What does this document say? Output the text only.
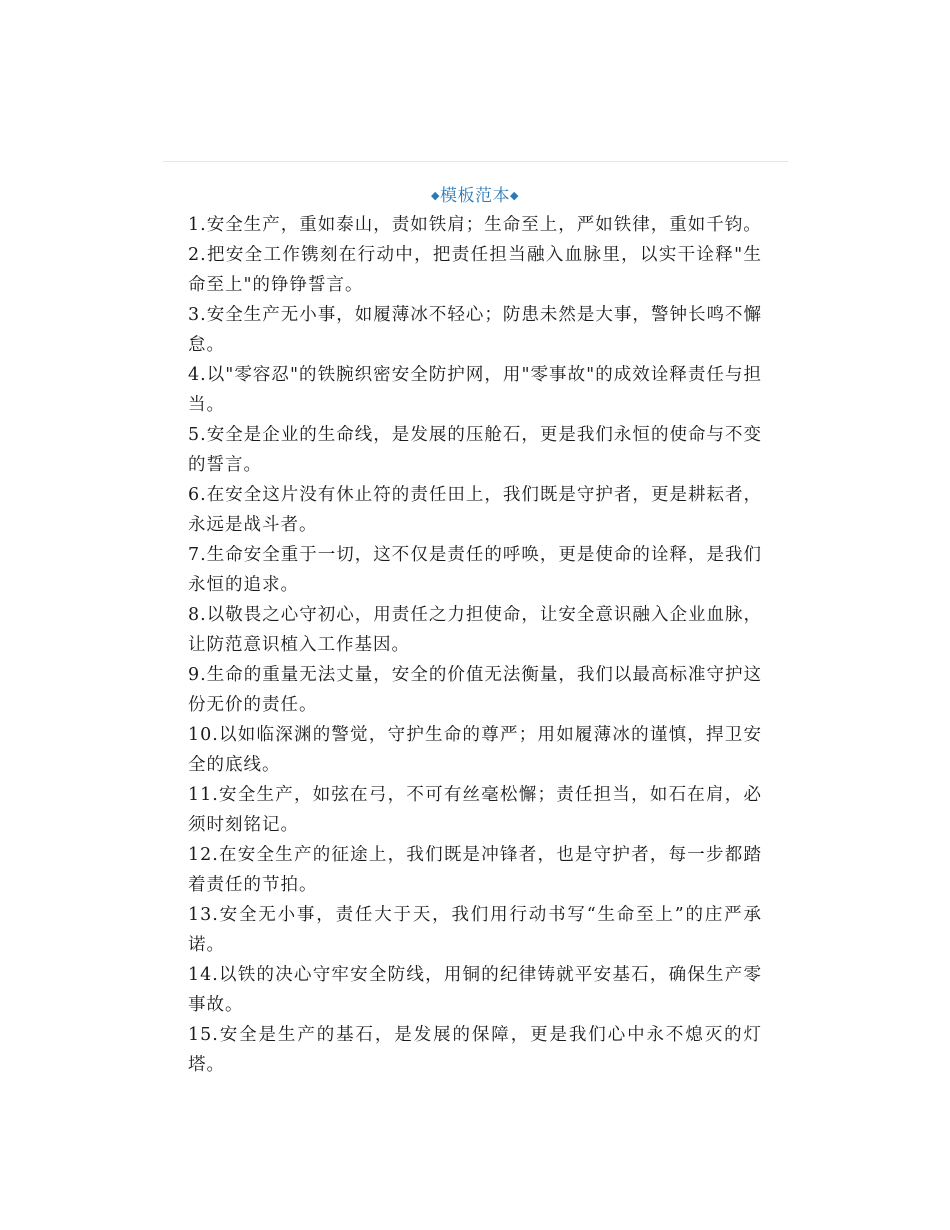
◆模板范本◆

1.安全生产，重如泰山，责如铁肩；生命至上，严如铁律，重如千钧。

2.把安全工作镌刻在行动中，把责任担当融入血脉里，以实干诠释"生命至上"的铮铮誓言。

3.安全生产无小事，如履薄冰不轻心；防患未然是大事，警钟长鸣不懈怠。

4.以"零容忍"的铁腕织密安全防护网，用"零事故"的成效诠释责任与担当。

5.安全是企业的生命线，是发展的压舱石，更是我们永恒的使命与不变的誓言。

6.在安全这片没有休止符的责任田上，我们既是守护者，更是耕耘者，永远是战斗者。

7.生命安全重于一切，这不仅是责任的呼唤，更是使命的诠释，是我们永恒的追求。

8.以敬畏之心守初心，用责任之力担使命，让安全意识融入企业血脉，让防范意识植入工作基因。

9.生命的重量无法丈量，安全的价值无法衡量，我们以最高标准守护这份无价的责任。

10.以如临深渊的警觉，守护生命的尊严；用如履薄冰的谨慎，捍卫安全的底线。

11.安全生产，如弦在弓，不可有丝毫松懈；责任担当，如石在肩，必须时刻铭记。

12.在安全生产的征途上，我们既是冲锋者，也是守护者，每一步都踏着责任的节拍。

13.安全无小事，责任大于天，我们用行动书写“生命至上”的庄严承诺。

14.以铁的决心守牢安全防线，用铜的纪律铸就平安基石，确保生产零事故。

15.安全是生产的基石，是发展的保障，更是我们心中永不熄灭的灯塔。
